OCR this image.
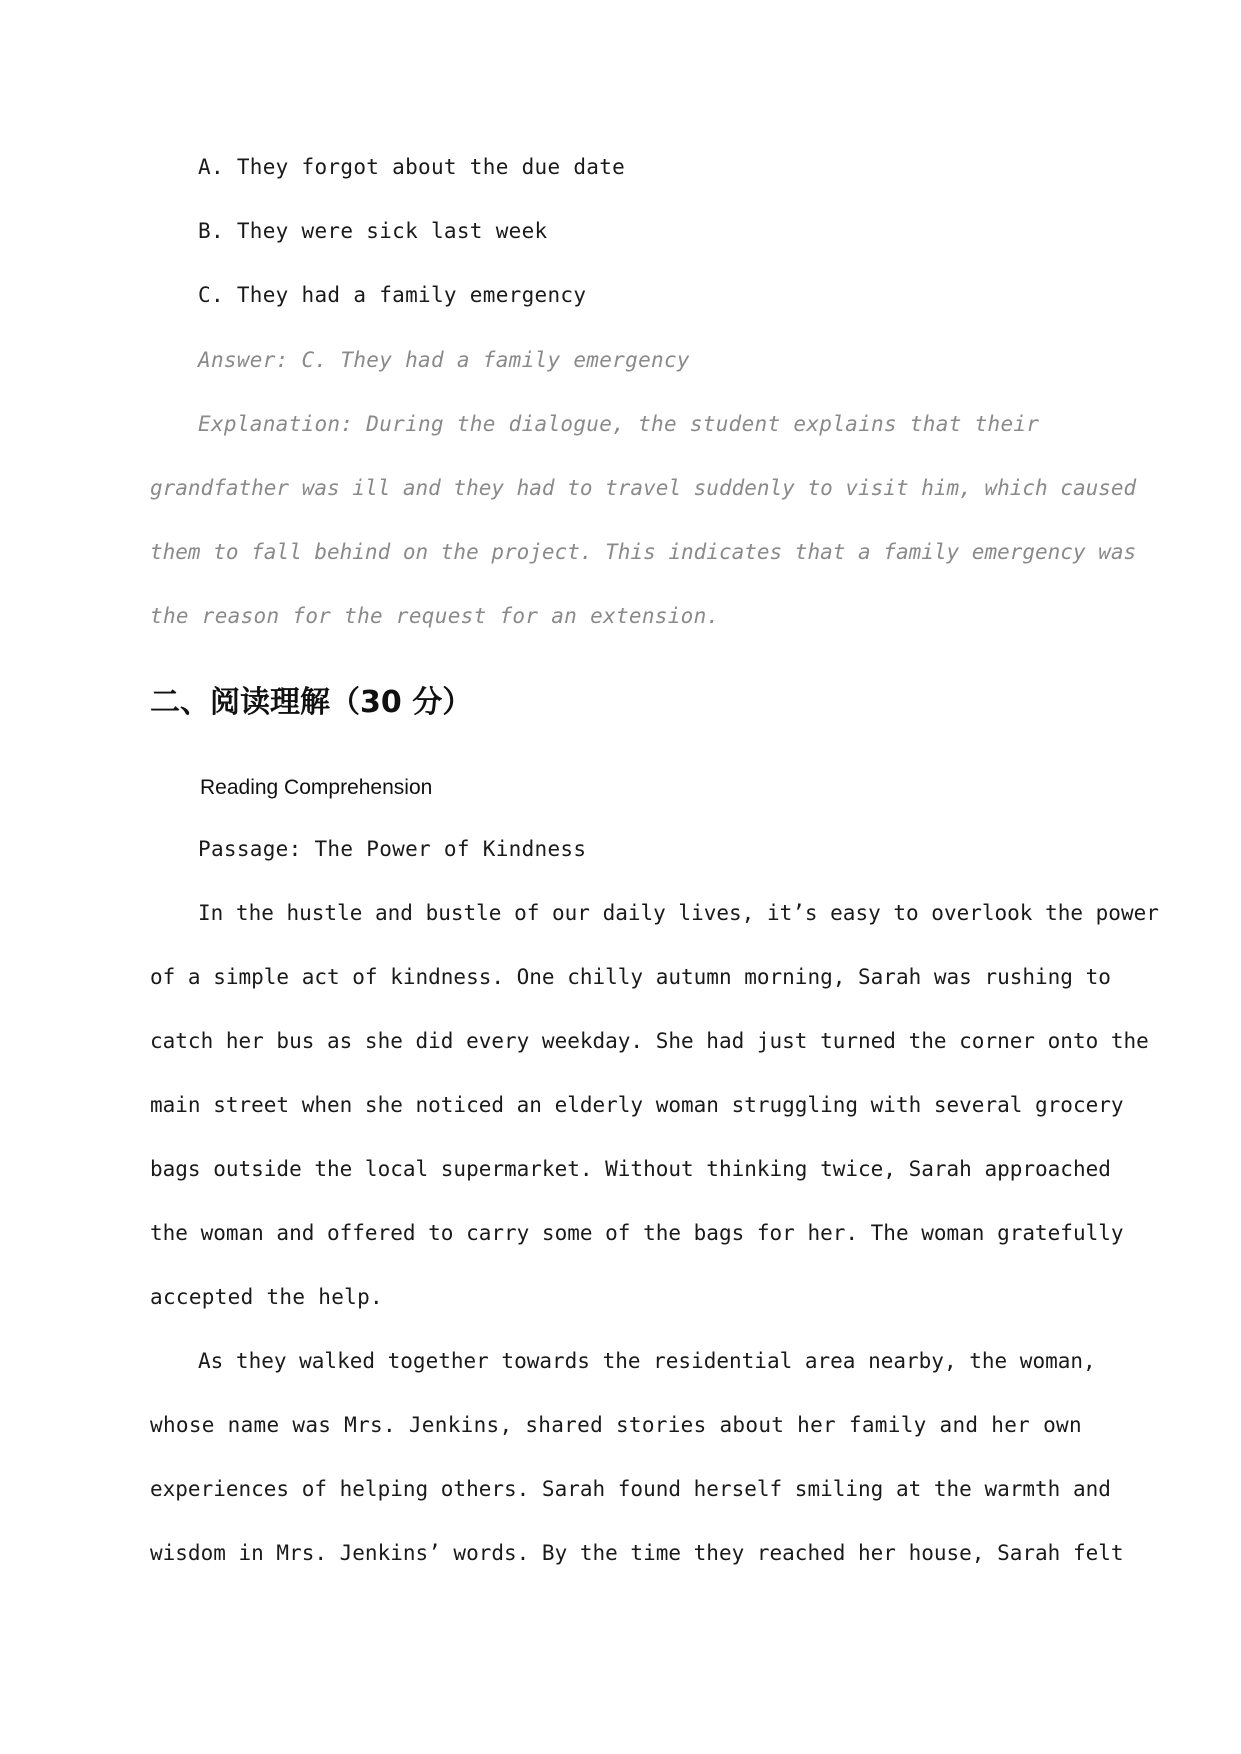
A. They forgot about the due date
B. They were sick last week
C. They had a family emergency
Answer: C. They had a family emergency
Explanation: During the dialogue, the student explains that their
grandfather was ill and they had to travel suddenly to visit him, which caused
them to fall behind on the project. This indicates that a family emergency was
the reason for the request for an extension.
二、阅读理解（30 分）
Reading Comprehension
Passage: The Power of Kindness
In the hustle and bustle of our daily lives, it’s easy to overlook the power
of a simple act of kindness. One chilly autumn morning, Sarah was rushing to
catch her bus as she did every weekday. She had just turned the corner onto the
main street when she noticed an elderly woman struggling with several grocery
bags outside the local supermarket. Without thinking twice, Sarah approached
the woman and offered to carry some of the bags for her. The woman gratefully
accepted the help.
As they walked together towards the residential area nearby, the woman,
whose name was Mrs. Jenkins, shared stories about her family and her own
experiences of helping others. Sarah found herself smiling at the warmth and
wisdom in Mrs. Jenkins’ words. By the time they reached her house, Sarah felt
